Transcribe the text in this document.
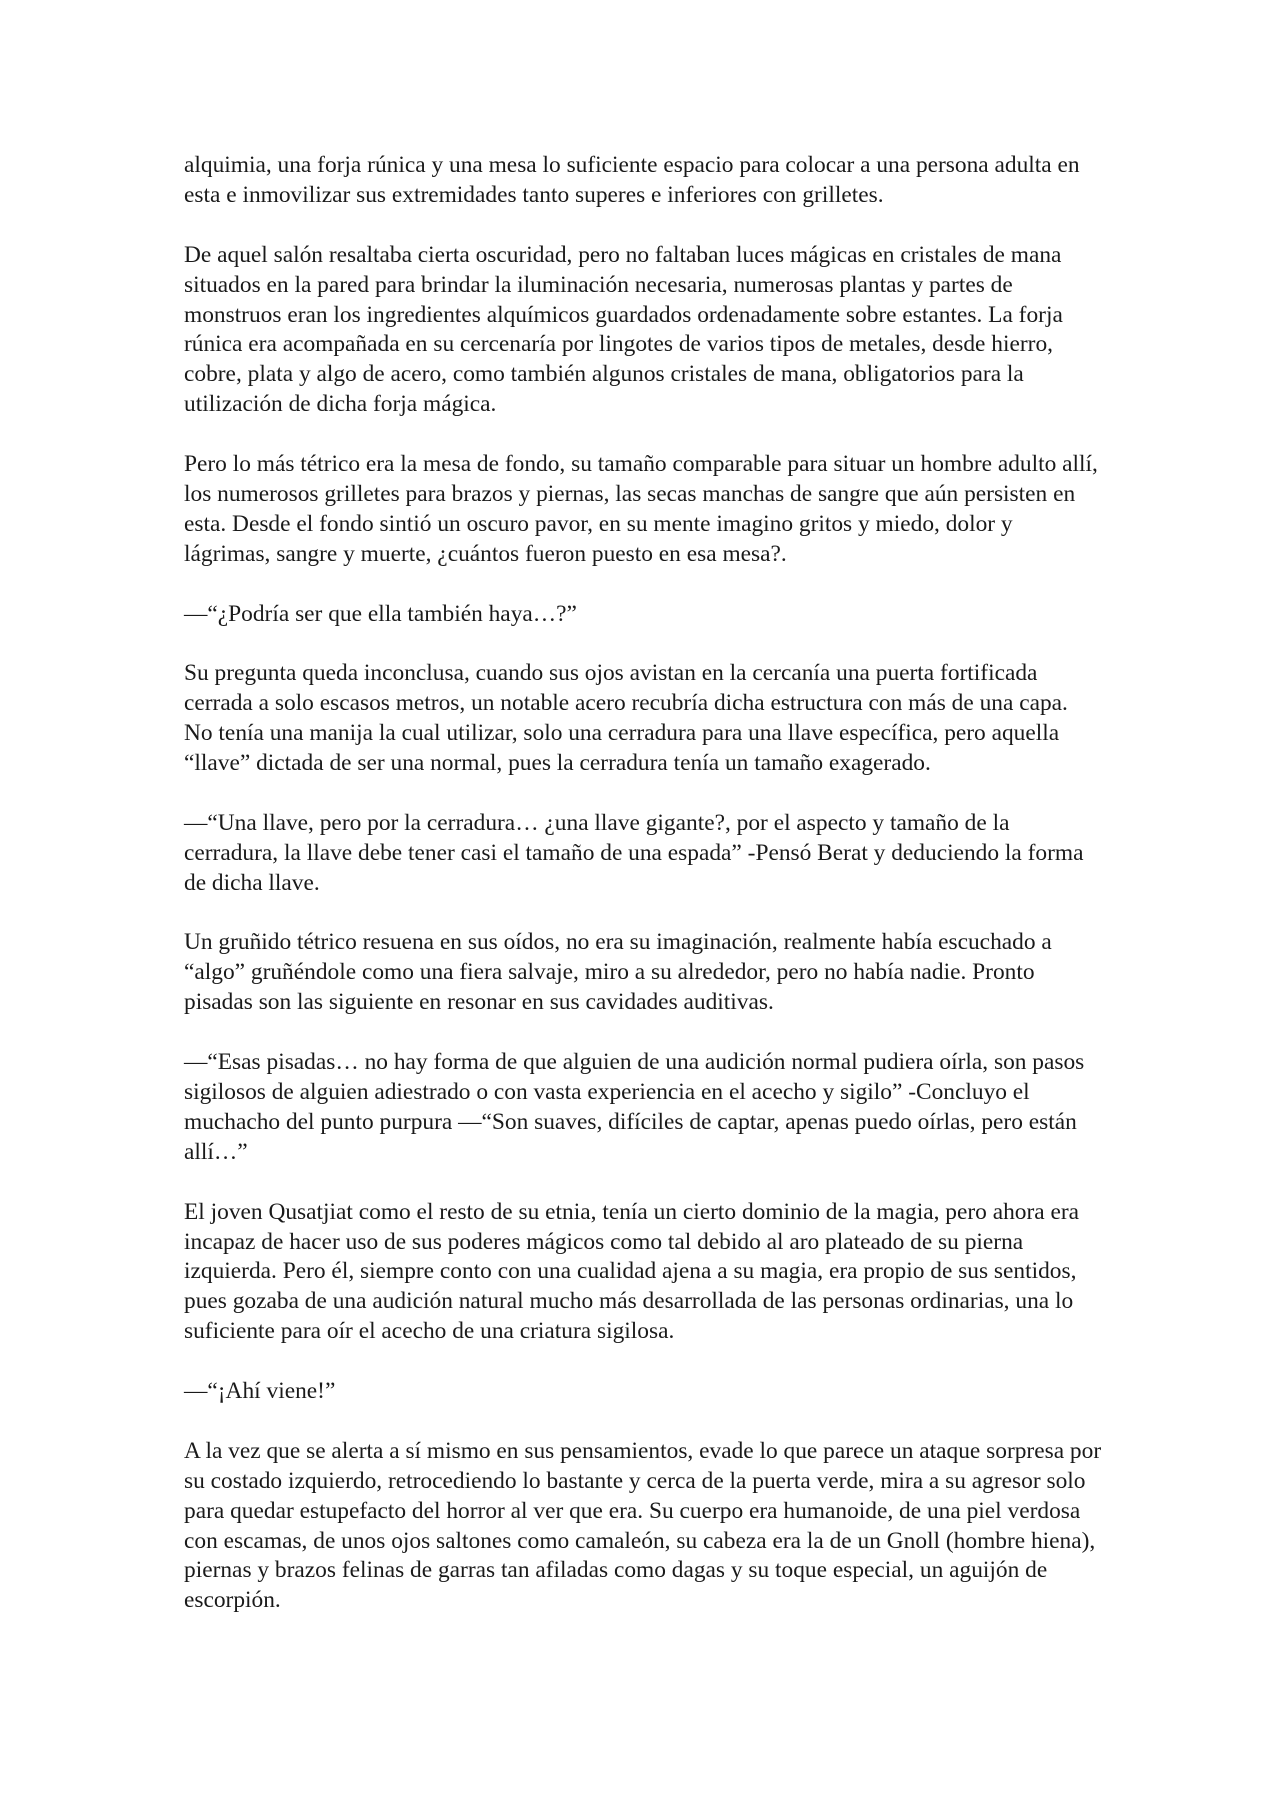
alquimia, una forja rúnica y una mesa lo suficiente espacio para colocar a una persona adulta en esta e inmovilizar sus extremidades tanto superes e inferiores con grilletes.

De aquel salón resaltaba cierta oscuridad, pero no faltaban luces mágicas en cristales de mana situados en la pared para brindar la iluminación necesaria, numerosas plantas y partes de monstruos eran los ingredientes alquímicos guardados ordenadamente sobre estantes. La forja rúnica era acompañada en su cercenaría por lingotes de varios tipos de metales, desde hierro, cobre, plata y algo de acero, como también algunos cristales de mana, obligatorios para la utilización de dicha forja mágica.

Pero lo más tétrico era la mesa de fondo, su tamaño comparable para situar un hombre adulto allí, los numerosos grilletes para brazos y piernas, las secas manchas de sangre que aún persisten en esta. Desde el fondo sintió un oscuro pavor, en su mente imagino gritos y miedo, dolor y lágrimas, sangre y muerte, ¿cuántos fueron puesto en esa mesa?.

—“¿Podría ser que ella también haya…?”

Su pregunta queda inconclusa, cuando sus ojos avistan en la cercanía una puerta fortificada cerrada a solo escasos metros, un notable acero recubría dicha estructura con más de una capa. No tenía una manija la cual utilizar, solo una cerradura para una llave específica, pero aquella “llave” dictada de ser una normal, pues la cerradura tenía un tamaño exagerado.

—“Una llave, pero por la cerradura… ¿una llave gigante?, por el aspecto y tamaño de la cerradura, la llave debe tener casi el tamaño de una espada” -Pensó Berat y deduciendo la forma de dicha llave.

Un gruñido tétrico resuena en sus oídos, no era su imaginación, realmente había escuchado a “algo” gruñéndole como una fiera salvaje, miro a su alrededor, pero no había nadie. Pronto pisadas son las siguiente en resonar en sus cavidades auditivas.

—“Esas pisadas… no hay forma de que alguien de una audición normal pudiera oírla, son pasos sigilosos de alguien adiestrado o con vasta experiencia en el acecho y sigilo” -Concluyo el muchacho del punto purpura —“Son suaves, difíciles de captar, apenas puedo oírlas, pero están allí…”

El joven Qusatjiat como el resto de su etnia, tenía un cierto dominio de la magia, pero ahora era incapaz de hacer uso de sus poderes mágicos como tal debido al aro plateado de su pierna izquierda. Pero él, siempre conto con una cualidad ajena a su magia, era propio de sus sentidos, pues gozaba de una audición natural mucho más desarrollada de las personas ordinarias, una lo suficiente para oír el acecho de una criatura sigilosa.

—“¡Ahí viene!”

A la vez que se alerta a sí mismo en sus pensamientos, evade lo que parece un ataque sorpresa por su costado izquierdo, retrocediendo lo bastante y cerca de la puerta verde, mira a su agresor solo para quedar estupefacto del horror al ver que era. Su cuerpo era humanoide, de una piel verdosa con escamas, de unos ojos saltones como camaleón, su cabeza era la de un Gnoll (hombre hiena), piernas y brazos felinas de garras tan afiladas como dagas y su toque especial, un aguijón de escorpión.
